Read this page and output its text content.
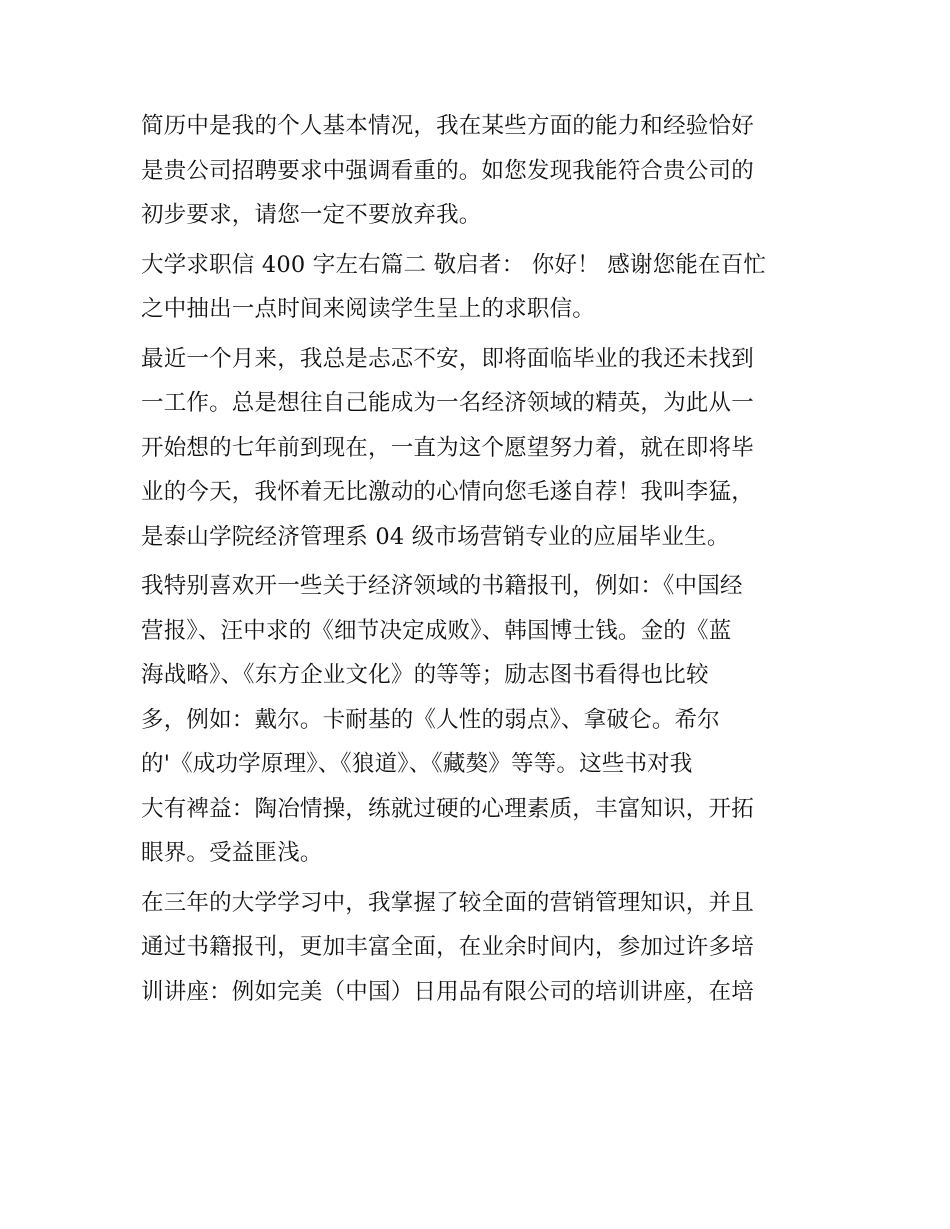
简历中是我的个人基本情况，我在某些方面的能力和经验恰好
是贵公司招聘要求中强调看重的。如您发现我能符合贵公司的
初步要求，请您一定不要放弃我。
大学求职信 400 字左右篇二 敬启者： 你好！ 感谢您能在百忙
之中抽出一点时间来阅读学生呈上的求职信。
最近一个月来，我总是忐忑不安，即将面临毕业的我还未找到
一工作。总是想往自己能成为一名经济领域的精英，为此从一
开始想的七年前到现在，一直为这个愿望努力着，就在即将毕
业的今天，我怀着无比激动的心情向您毛遂自荐！我叫李猛，
是泰山学院经济管理系 04 级市场营销专业的应届毕业生。
我特别喜欢开一些关于经济领域的书籍报刊，例如：《中国经
营报》、汪中求的《细节决定成败》、韩国博士钱。金的《蓝
海战略》、《东方企业文化》的等等；励志图书看得也比较
多，例如：戴尔。卡耐基的《人性的弱点》、拿破仑。希尔
的'《成功学原理》、《狼道》、《藏獒》等等。这些书对我
大有裨益：陶冶情操，练就过硬的心理素质，丰富知识，开拓
眼界。受益匪浅。
在三年的大学学习中，我掌握了较全面的营销管理知识，并且
通过书籍报刊，更加丰富全面，在业余时间内，参加过许多培
训讲座：例如完美（中国）日用品有限公司的培训讲座，在培
